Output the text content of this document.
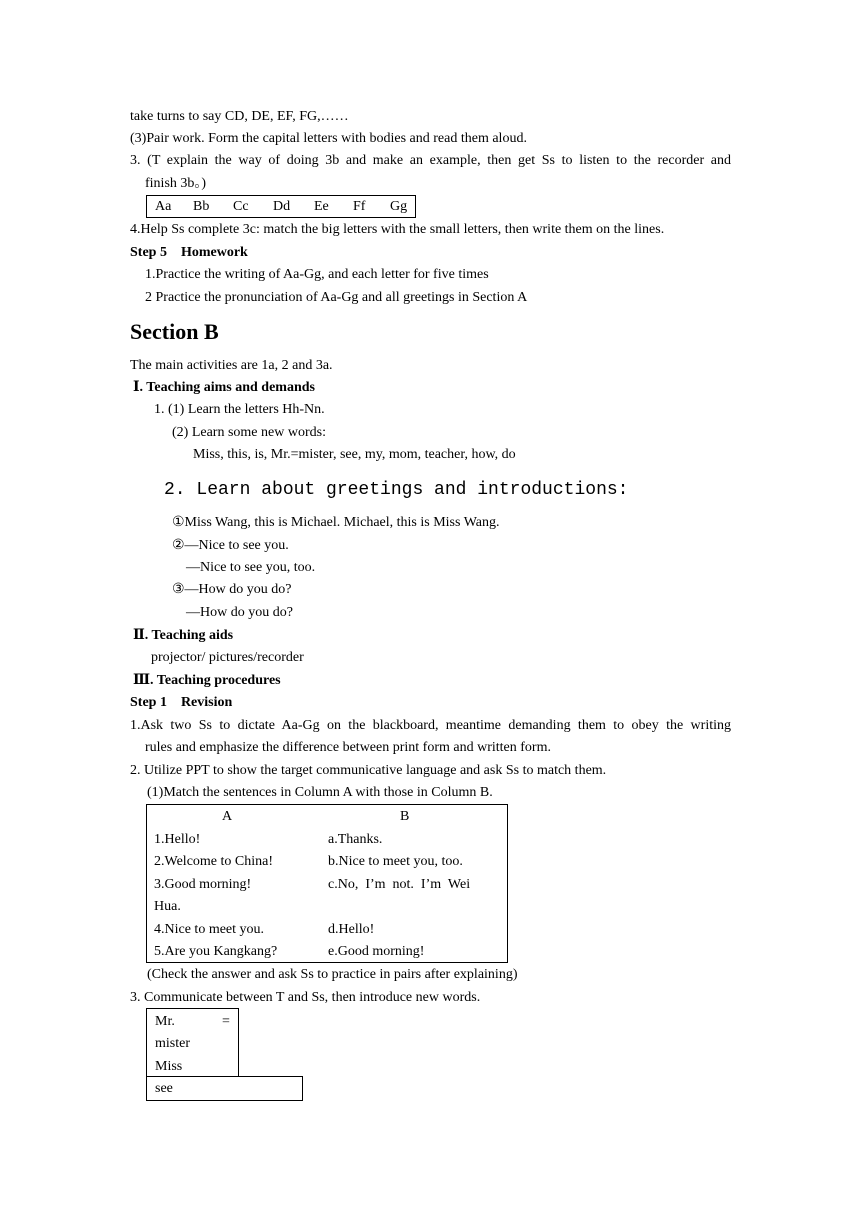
take turns to say CD, DE, EF, FG,……
(3)Pair work. Form the capital letters with bodies and read them aloud.
3. (T explain the way of doing 3b and make an example, then get Ss to listen to the recorder and
finish 3b。)
Aa Bb Cc Dd Ee Ff Gg
4.Help Ss complete 3c: match the big letters with the small letters, then write them on the lines.
Step 5　Homework
1.Practice the writing of Aa-Gg, and each letter for five times
2 Practice the pronunciation of Aa-Gg and all greetings in Section A
Section B
The main activities are 1a, 2 and 3a.
Ⅰ. Teaching aims and demands
1. (1) Learn the letters Hh-Nn.
(2) Learn some new words:
Miss, this, is, Mr.=mister, see, my, mom, teacher, how, do
2. Learn about greetings and introductions:
①Miss Wang, this is Michael. Michael, this is Miss Wang.
②—Nice to see you.
—Nice to see you, too.
③—How do you do?
—How do you do?
Ⅱ. Teaching aids
projector/ pictures/recorder
Ⅲ. Teaching procedures
Step 1　Revision
1.Ask two Ss to dictate Aa-Gg on the blackboard, meantime demanding them to obey the writing
rules and emphasize the difference between print form and written form.
2. Utilize PPT to show the target communicative language and ask Ss to match them.
(1)Match the sentences in Column A with those in Column B.
A	B
1.Hello!
2.Welcome to China!
3.Good morning!
Hua.
4.Nice to meet you.
5.Are you Kangkang?
a.Thanks.
b.Nice to meet you, too.
c.No,  I’m  not.  I’m  Wei
d.Hello!
e.Good morning!
(Check the answer and ask Ss to practice in pairs after explaining)
3. Communicate between T and Ss, then introduce new words.
Mr.	=
mister
Miss
see
